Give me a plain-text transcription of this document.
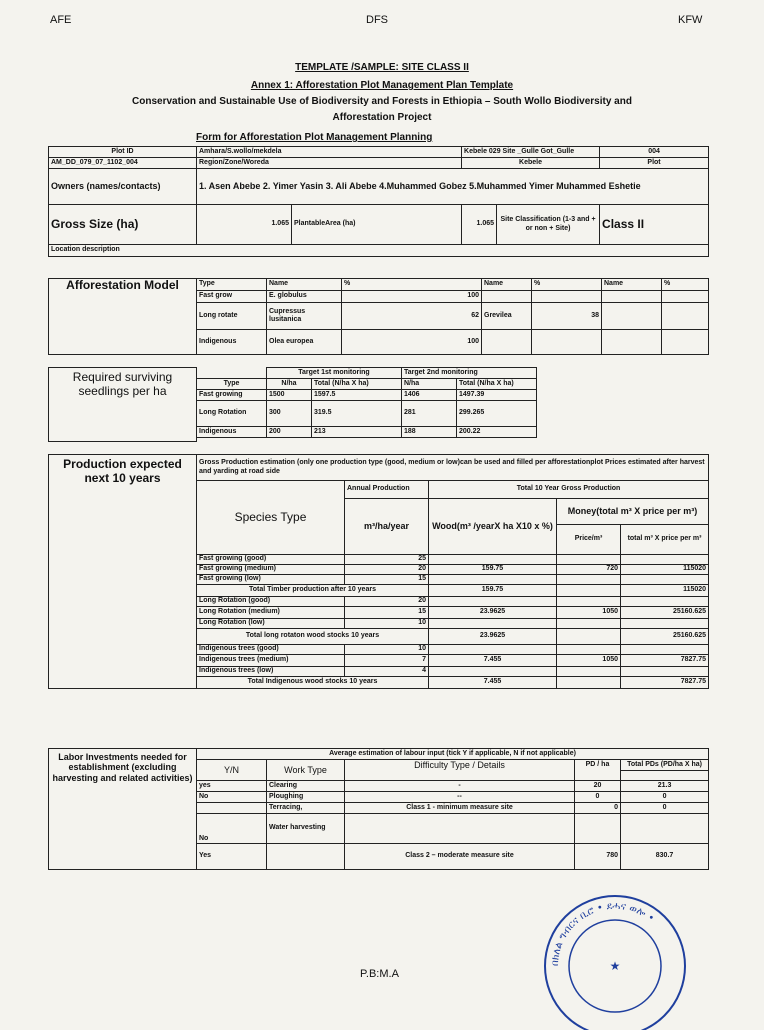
AFE	DFS	KFW
TEMPLATE /SAMPLE: SITE CLASS II
Annex 1: Afforestation Plot Management Plan Template
Conservation and Sustainable Use of Biodiversity and Forests in Ethiopia – South Wollo Biodiversity and
Afforestation Project
Form for Afforestation Plot Management Planning
Plot ID	Amhara/S.wollo/mekdela		Kebele 029 Site _Gulle Got_Gulle		004
AM_DD_079_07_1102_004	Region/Zone/Woreda		Kebele		Plot
Owners (names/contacts)	1. Asen Abebe 2. Yimer Yasin 3. Ali Abebe 4.Muhammed Gobez 5.Muhammed Yimer Muhammed Eshetie				
Gross Size (ha)	1.065	PlantableArea (ha)	1.065	Site Classification (1-3 and + or non + Site)	Class II
Location description					
Afforestation Model	Type	Name	%	Name	%	Name	%
	Fast grow	E. globulus	100				
	Long rotate	Cupressus lusitanica	62	Grevilea	38		
	Indigenous	Olea europea	100				
Required surviving seedlings per ha		Target 1st monitoring		Target 2nd monitoring		
	Type	N/ha	Total (N/ha X ha)	N/ha	Total (N/ha X ha)	
	Fast growing	1500	1597.5	1406	1497.39	
	Long Rotation	300	319.5	281	299.265	
	Indigenous	200	213	188	200.22	

Production expected next 10 years	Gross Production estimation (only one production type (good, medium or low)can be used and filled per afforestationplot Prices estimated after harvest and yarding at road side				
	Species Type	Annual Production	Total 10 Year Gross Production		
		m³/ha/year	Wood(m³ /yearX ha X10 x %)	Money(total m³ X price per m³)	
				Price/m³	total m³ X price per m³
	Fast growing (good)	25			
	Fast growing (medium)	20	159.75	720	115020
	Fast growing (low)	15			
	Total Timber production after 10 years		159.75		115020
	Long Rotation (good)	20			
	Long Rotation (medium)	15	23.9625	1050	25160.625
	Long Rotation (low)	10			
	Total long rotaton wood stocks 10 years		23.9625		25160.625
	Indigenous trees (good)	10			
	Indigenous trees (medium)	7	7.455	1050	7827.75
	Indigenous trees (low)	4			
	Total Indigenous wood stocks 10 years		7.455		7827.75
Labor Investments needed for establishment (excluding harvesting and related activities)	Average estimation of labour input (tick Y if applicable, N if not applicable)				
	Y/N	Work Type	Difficulty Type / Details	PD / ha	Total PDs (PD/ha X ha)

	yes	Clearing	-	20	21.3
	No	Ploughing	--	0	0
		Terracing,	Class 1 - minimum measure site	0	0
	No	Water harvesting			
	Yes		Class 2 – moderate measure site	780	830.7
P.B:M.A
በክለል ግብርና ቢሮ • ደሓና ወሎ •
★
